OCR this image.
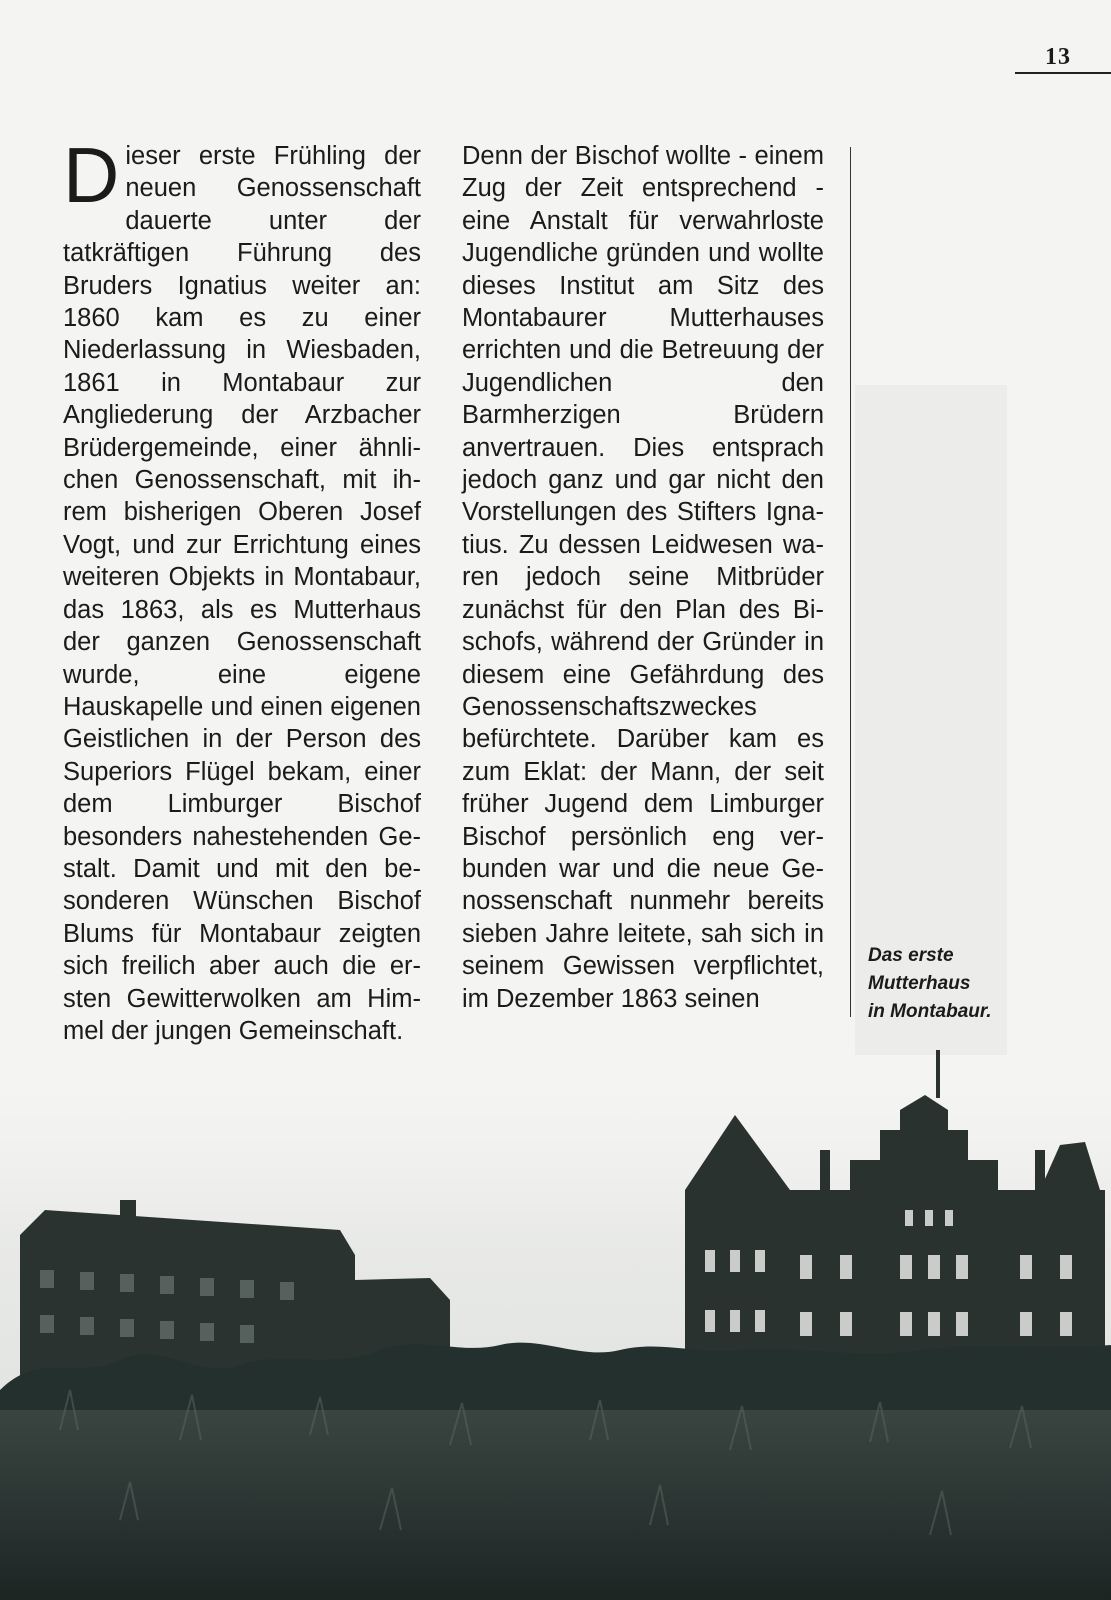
13

Dieser erste Frühling der neuen Genossenschaft dauerte unter der tatkräftigen Führung des Bruders Ignatius weiter an: 1860 kam es zu einer Niederlassung in Wiesbaden, 1861 in Montabaur zur Angliederung der Arzbacher Brüdergemeinde, einer ähnlichen Genossenschaft, mit ihrem bisherigen Oberen Josef Vogt, und zur Errichtung eines weiteren Objekts in Montabaur, das 1863, als es Mutterhaus der ganzen Genossenschaft wurde, eine eigene Hauskapelle und einen eigenen Geistlichen in der Person des Superiors Flügel bekam, einer dem Limburger Bischof besonders nahestehenden Gestalt. Damit und mit den besonderen Wünschen Bischof Blums für Montabaur zeigten sich freilich aber auch die ersten Gewitterwolken am Himmel der jungen Gemeinschaft.

Denn der Bischof wollte - einem Zug der Zeit entsprechend - eine Anstalt für verwahrloste Jugendliche gründen und wollte dieses Institut am Sitz des Montabaurer Mutterhauses errichten und die Betreuung der Jugendlichen den Barmherzigen Brüdern anvertrauen. Dies entsprach jedoch ganz und gar nicht den Vorstellungen des Stifters Ignatius. Zu dessen Leidwesen waren jedoch seine Mitbrüder zunächst für den Plan des Bischofs, während der Gründer in diesem eine Gefährdung des Genossenschaftszweckes befürchtete. Darüber kam es zum Eklat: der Mann, der seit früher Jugend dem Limburger Bischof persönlich eng verbunden war und die neue Genossenschaft nunmehr bereits sieben Jahre leitete, sah sich in seinem Gewissen verpflichtet, im Dezember 1863 seinen

Das erste
Mutterhaus
in Montabaur.
